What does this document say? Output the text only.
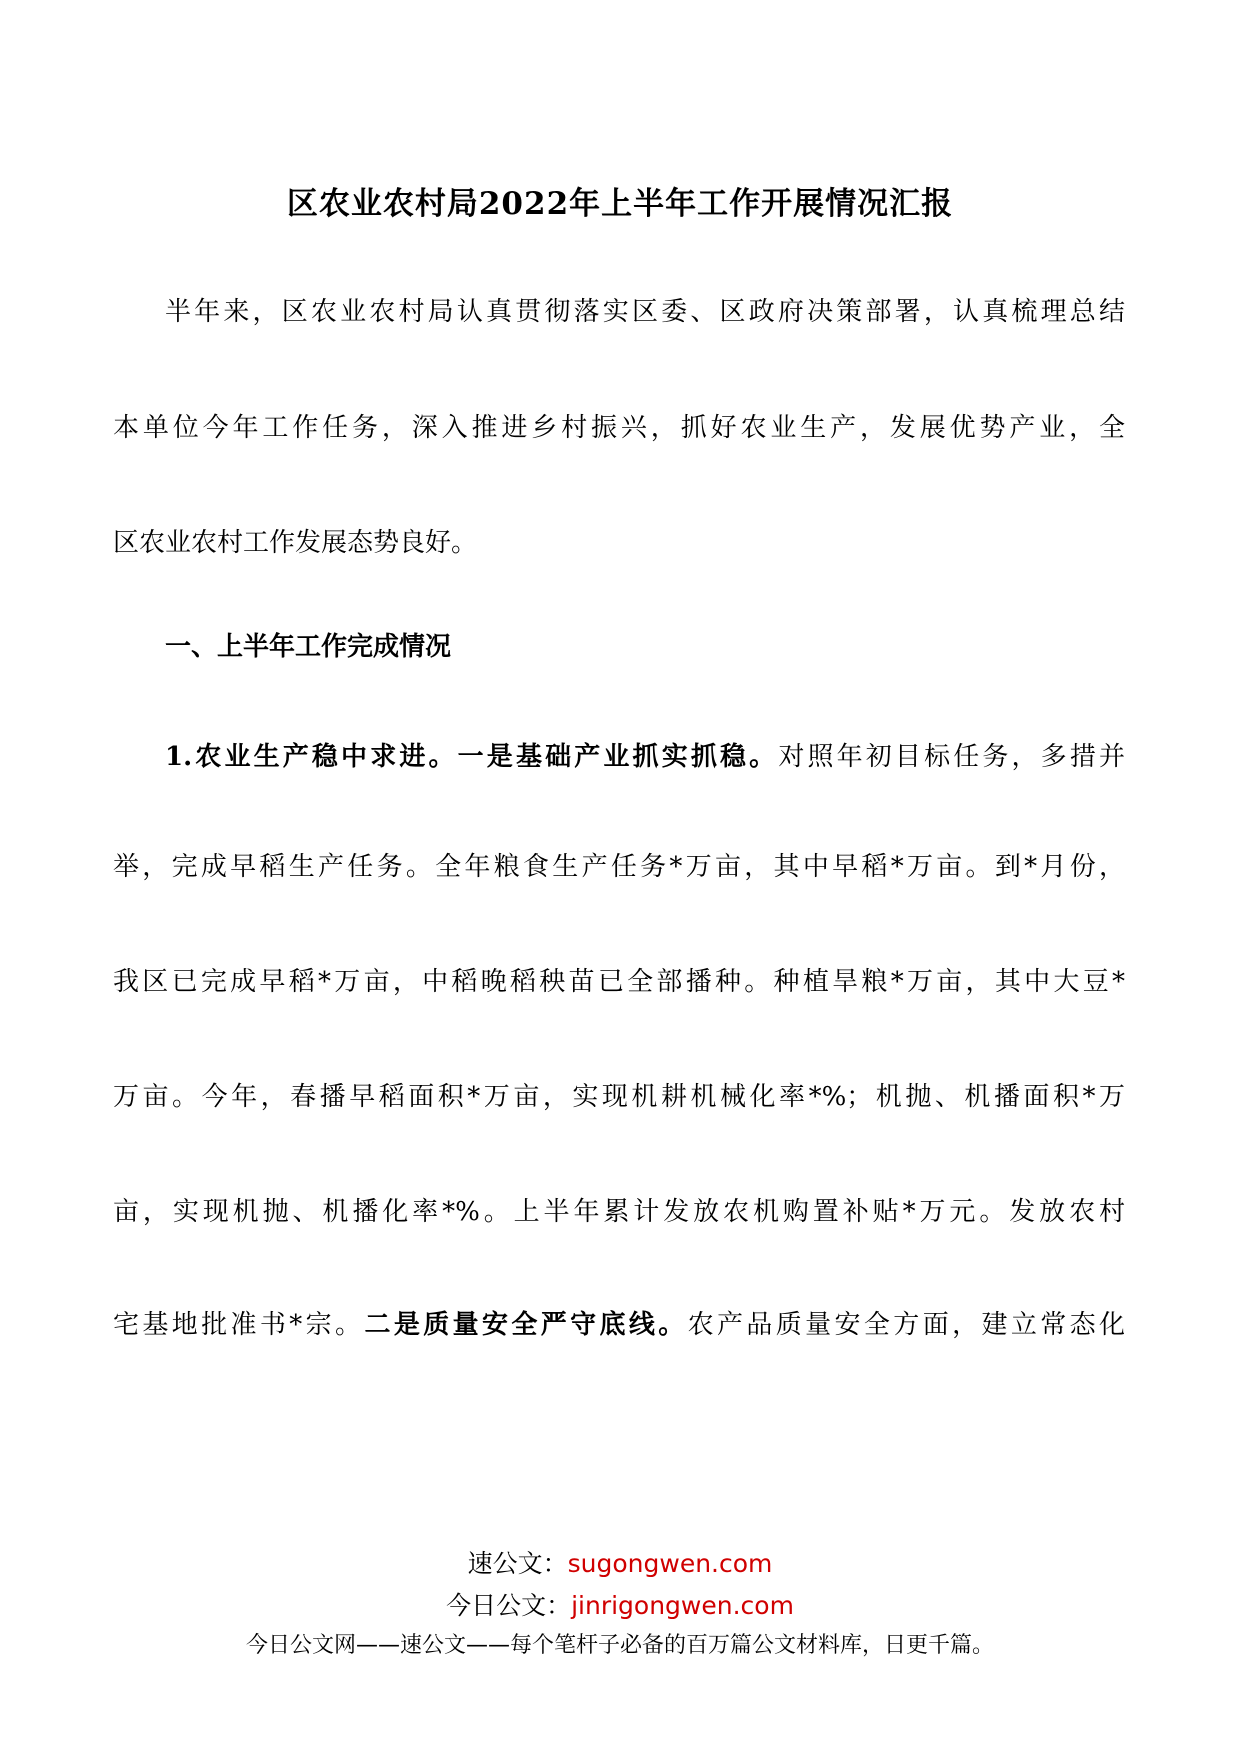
区农业农村局2022年上半年工作开展情况汇报
半年来，区农业农村局认真贯彻落实区委、区政府决策部署，认真梳理总结
本单位今年工作任务，深入推进乡村振兴，抓好农业生产，发展优势产业，全
区农业农村工作发展态势良好。
一、上半年工作完成情况
1.农业生产稳中求进。一是基础产业抓实抓稳。对照年初目标任务，多措并
举，完成早稻生产任务。全年粮食生产任务*万亩，其中早稻*万亩。到*月份，
我区已完成早稻*万亩，中稻晚稻秧苗已全部播种。种植旱粮*万亩，其中大豆*
万亩。今年，春播早稻面积*万亩，实现机耕机械化率*%；机抛、机播面积*万
亩，实现机抛、机播化率*%。上半年累计发放农机购置补贴*万元。发放农村
宅基地批准书*宗。二是质量安全严守底线。农产品质量安全方面，建立常态化
速公文：sugongwen.com
今日公文：jinrigongwen.com
今日公文网——速公文——每个笔杆子必备的百万篇公文材料库，日更千篇。
